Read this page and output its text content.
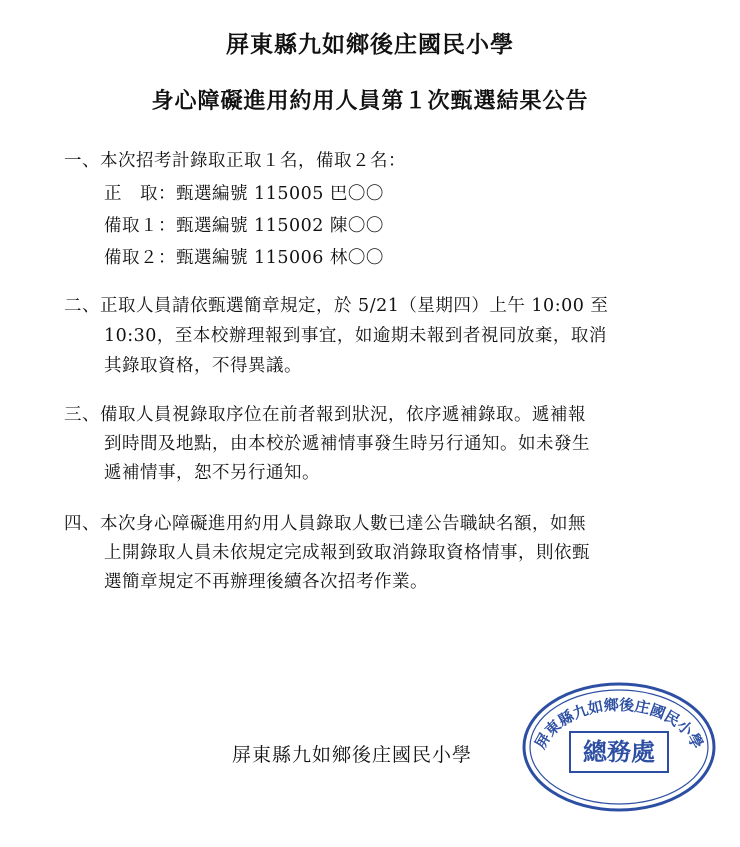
屏東縣九如鄉後庄國民小學
身心障礙進用約用人員第１次甄選結果公告
一、本次招考計錄取正取１名，備取２名：
正　取：甄選編號 115005 巴〇〇
備取１：甄選編號 115002 陳〇〇
備取２：甄選編號 115006 林〇〇
二、正取人員請依甄選簡章規定，於 5/21（星期四）上午 10:00 至
10:30，至本校辦理報到事宜，如逾期未報到者視同放棄，取消
其錄取資格，不得異議。
三、備取人員視錄取序位在前者報到狀況，依序遞補錄取。遞補報
到時間及地點，由本校於遞補情事發生時另行通知。如未發生
遞補情事，恕不另行通知。
四、本次身心障礙進用約用人員錄取人數已達公告職缺名額，如無
上開錄取人員未依規定完成報到致取消錄取資格情事，則依甄
選簡章規定不再辦理後續各次招考作業。
屏東縣九如鄉後庄國民小學
屏東縣九如鄉後庄國民小學
總務處
